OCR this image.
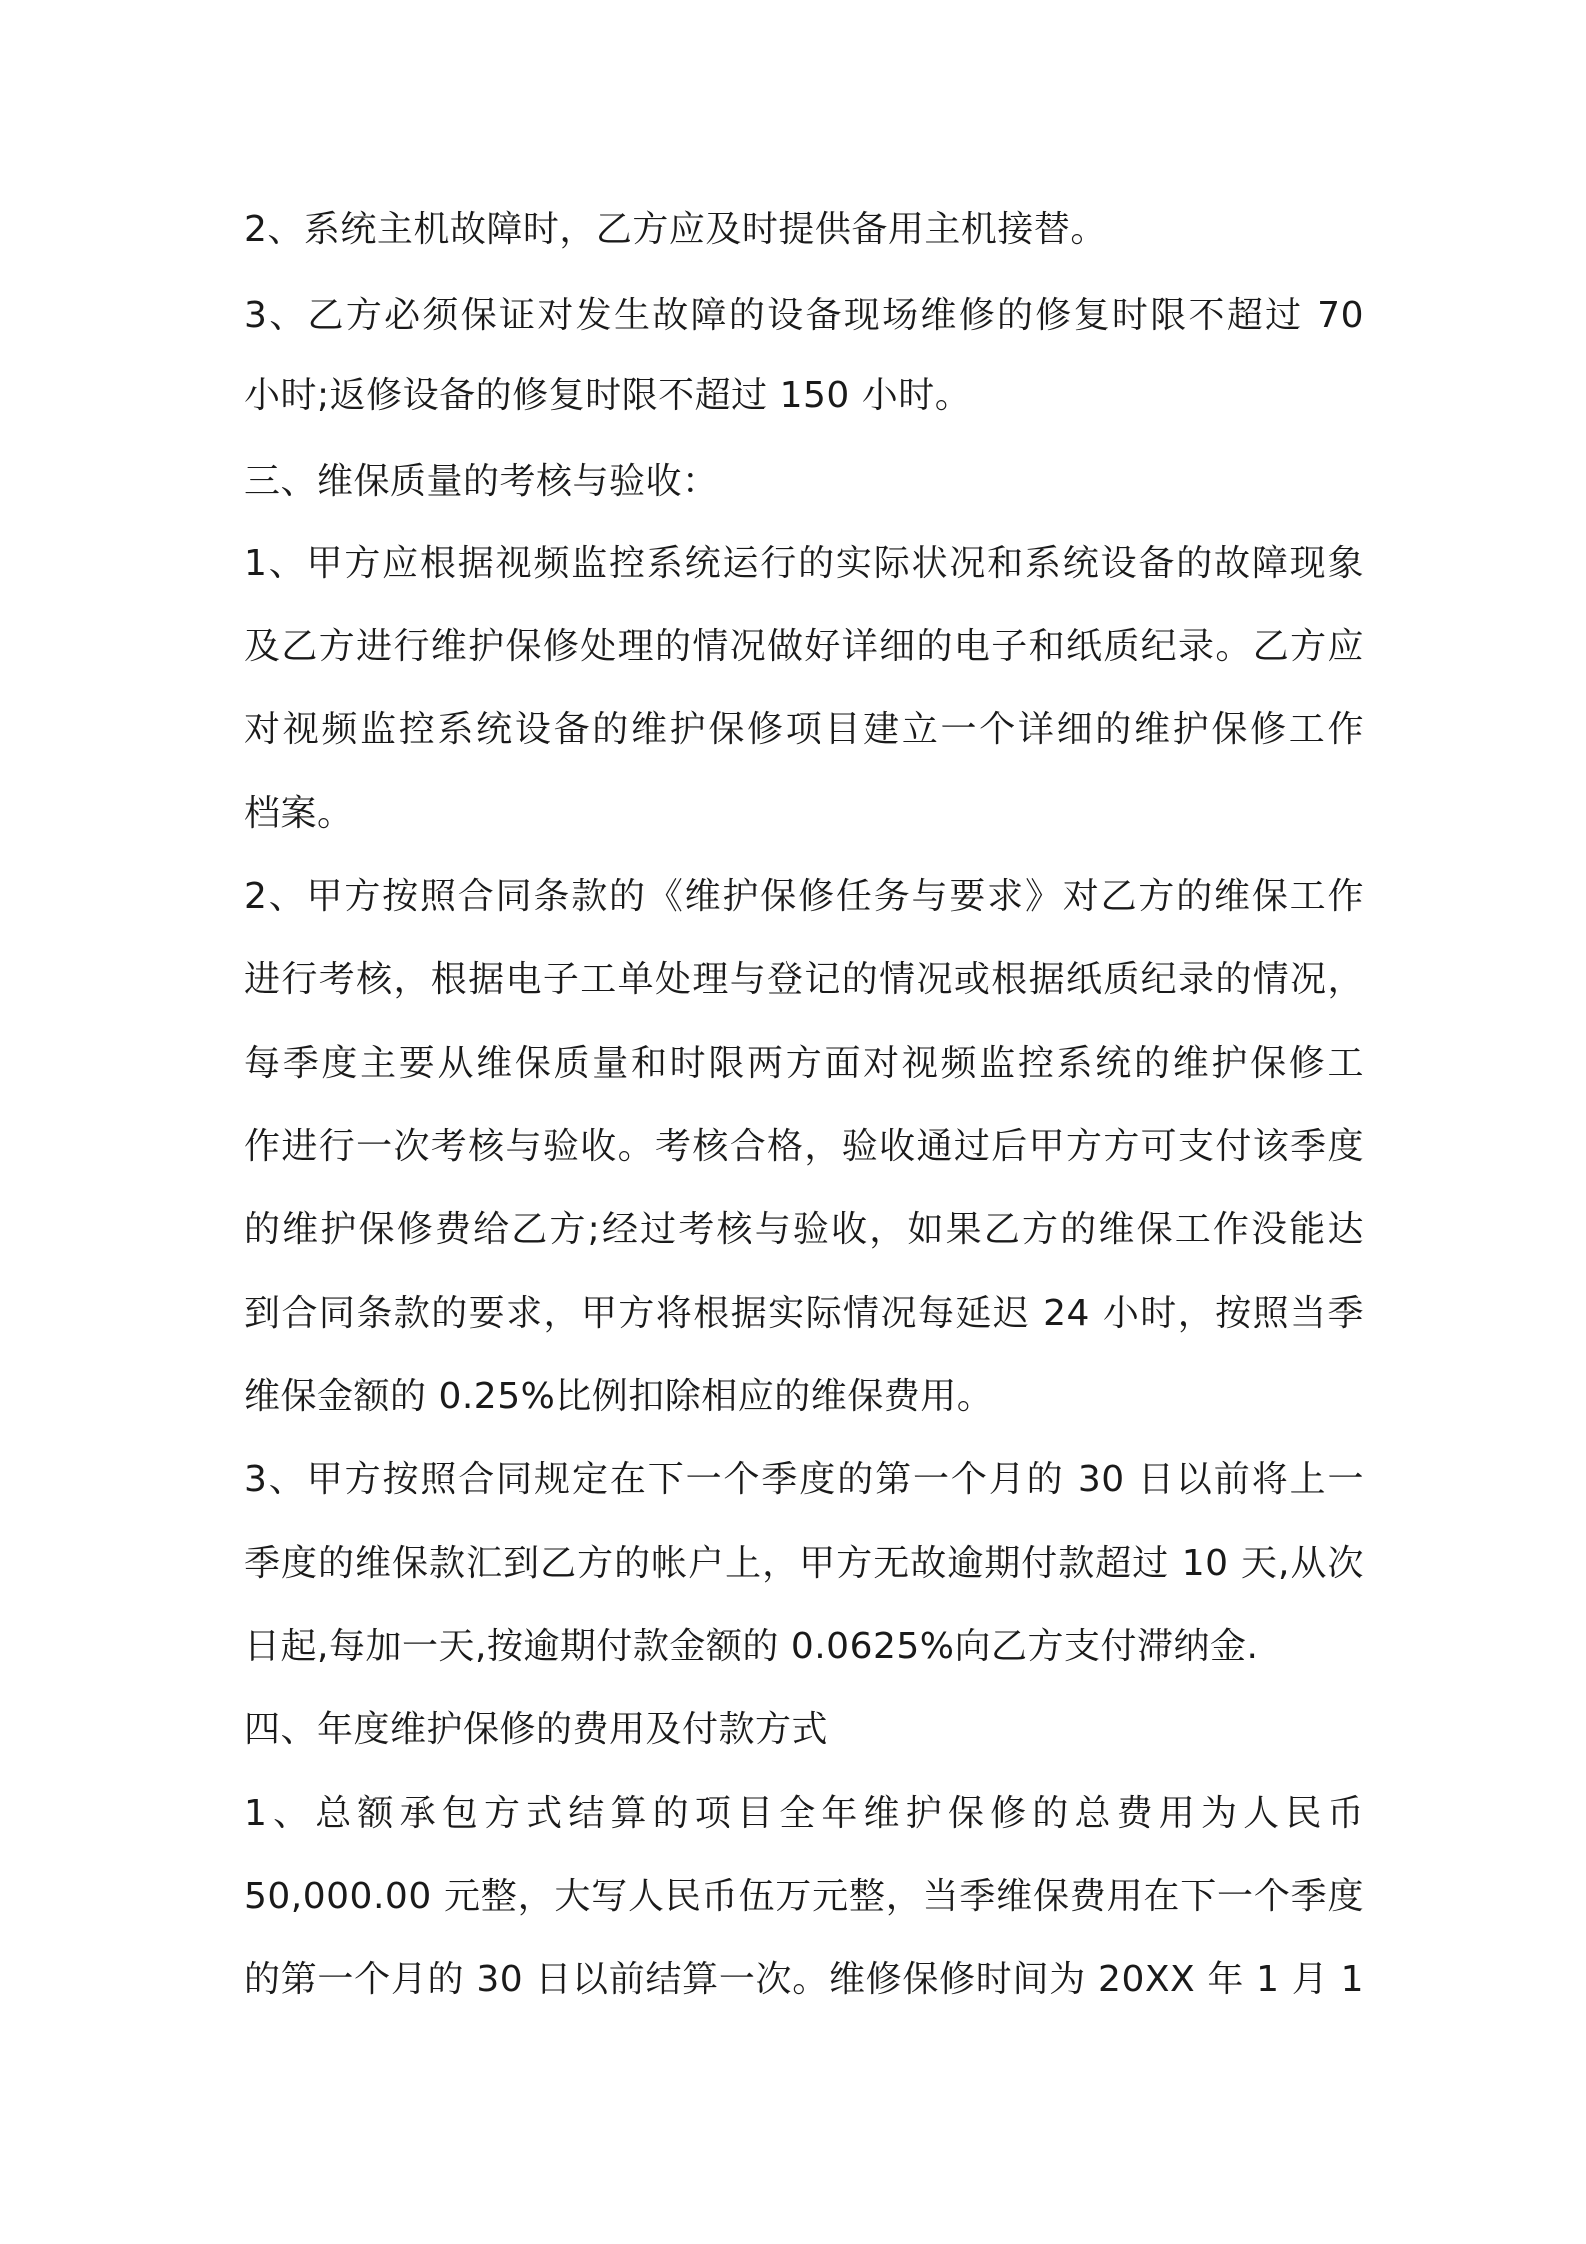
2、系统主机故障时，乙方应及时提供备用主机接替。
3、乙方必须保证对发生故障的设备现场维修的修复时限不超过 70
小时;返修设备的修复时限不超过 150 小时。
三、维保质量的考核与验收：
1、甲方应根据视频监控系统运行的实际状况和系统设备的故障现象
及乙方进行维护保修处理的情况做好详细的电子和纸质纪录。乙方应
对视频监控系统设备的维护保修项目建立一个详细的维护保修工作
档案。
2、甲方按照合同条款的《维护保修任务与要求》对乙方的维保工作
进行考核，根据电子工单处理与登记的情况或根据纸质纪录的情况，
每季度主要从维保质量和时限两方面对视频监控系统的维护保修工
作进行一次考核与验收。考核合格，验收通过后甲方方可支付该季度
的维护保修费给乙方;经过考核与验收，如果乙方的维保工作没能达
到合同条款的要求，甲方将根据实际情况每延迟 24 小时，按照当季
维保金额的 0.25%比例扣除相应的维保费用。
3、甲方按照合同规定在下一个季度的第一个月的 30 日以前将上一
季度的维保款汇到乙方的帐户上，甲方无故逾期付款超过 10 天,从次
日起,每加一天,按逾期付款金额的 0.0625%向乙方支付滞纳金.
四、年度维护保修的费用及付款方式
1、总额承包方式结算的项目全年维护保修的总费用为人民币
50,000.00 元整，大写人民币伍万元整，当季维保费用在下一个季度
的第一个月的 30 日以前结算一次。维修保修时间为 20XX 年 1 月 1
